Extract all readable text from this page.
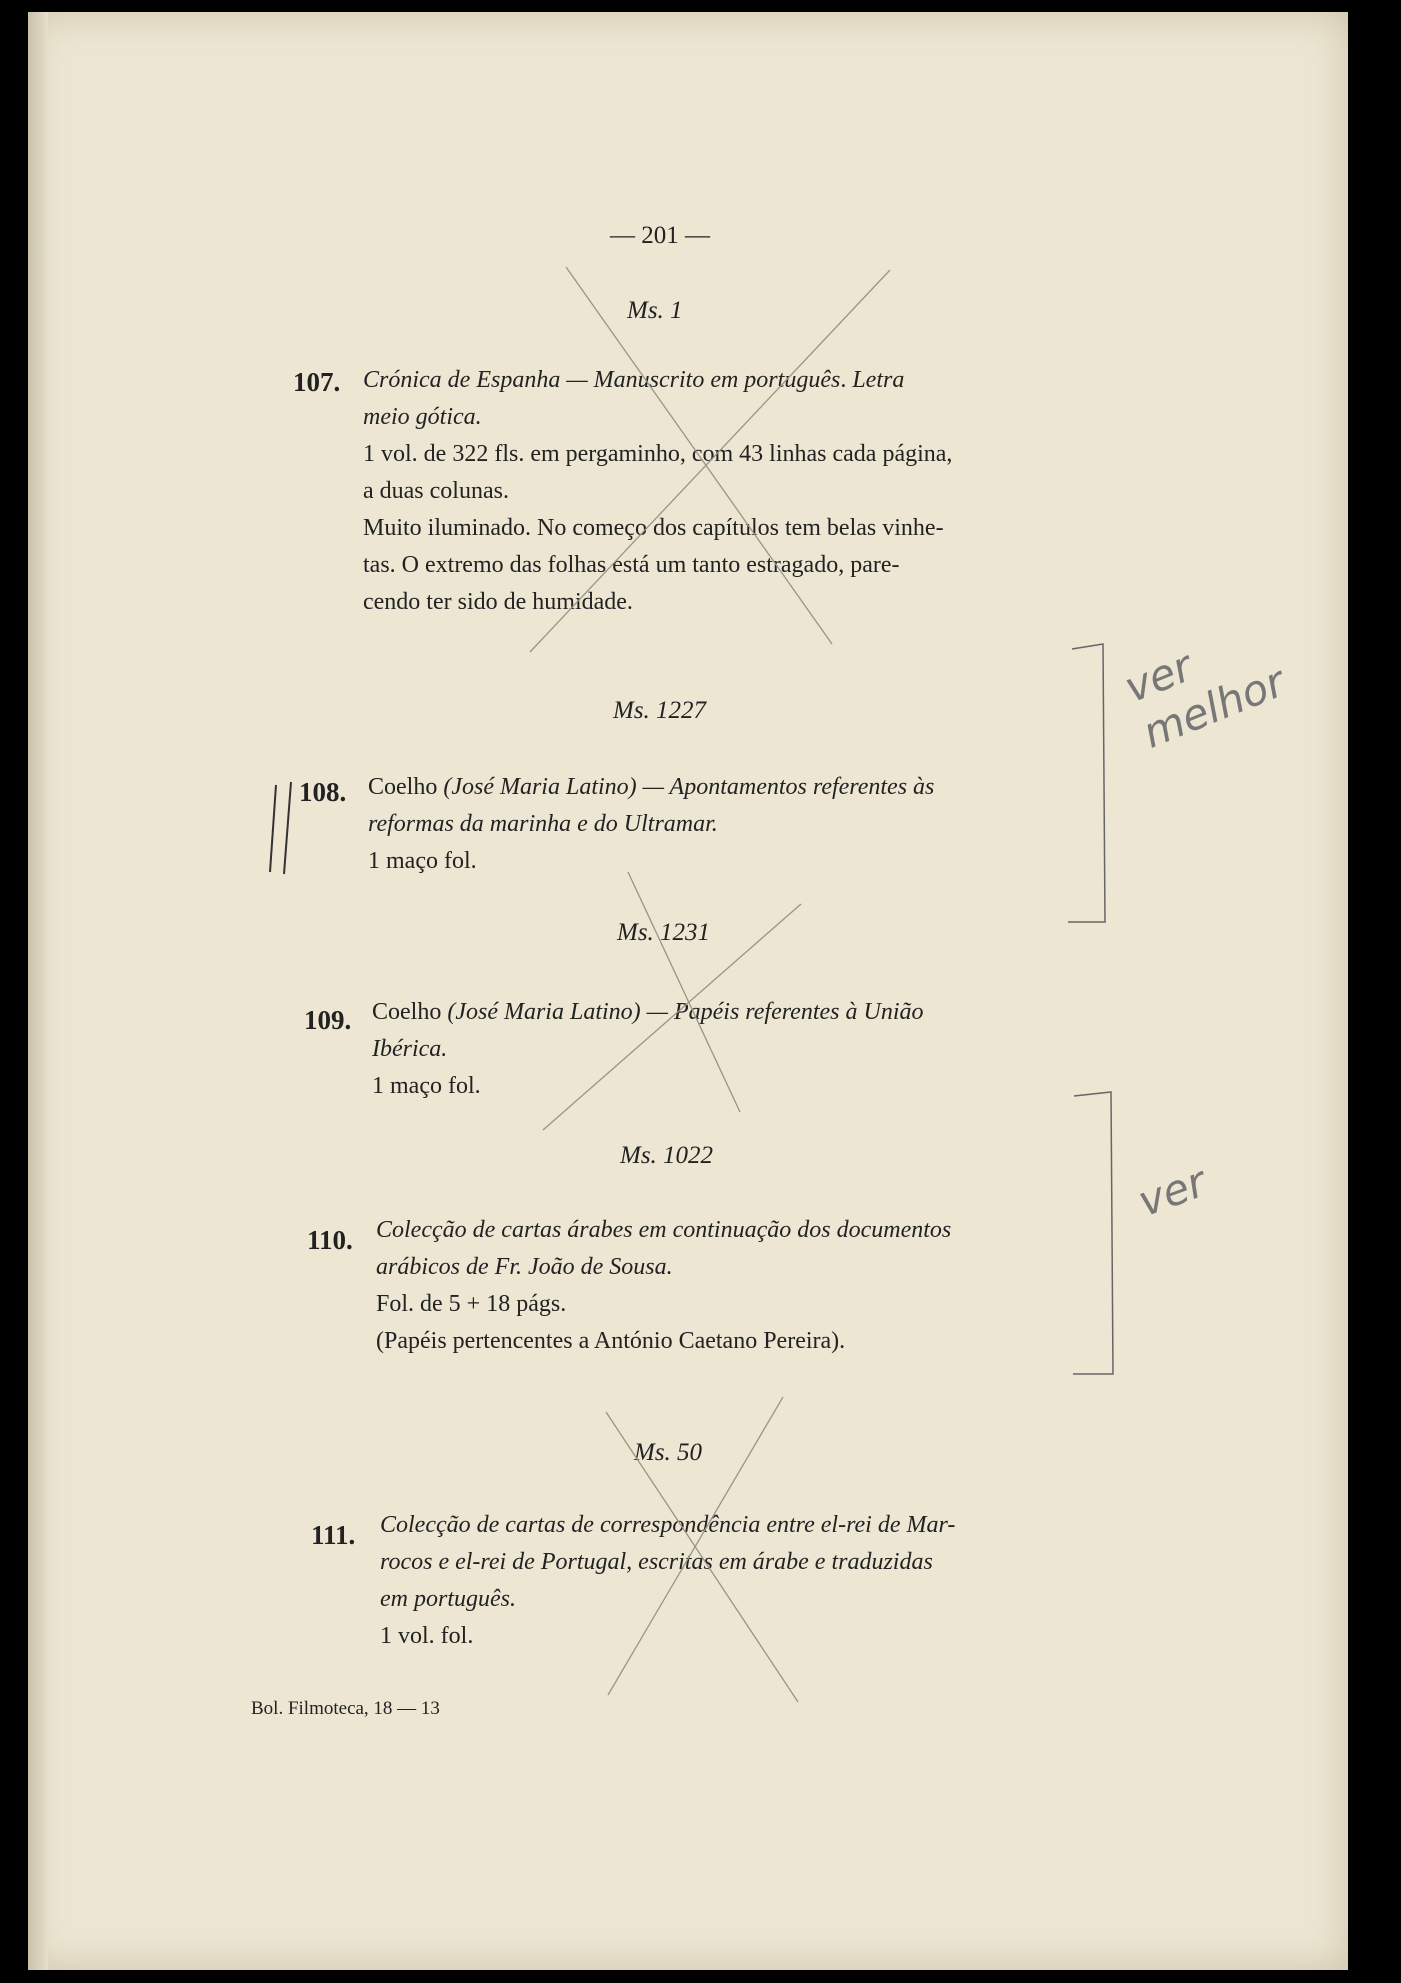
— 201 —
Ms. 1
107. Crónica de Espanha — Manuscrito em português. Letra
meio gótica.
1 vol. de 322 fls. em pergaminho, com 43 linhas cada página,
a duas colunas.
Muito iluminado. No começo dos capítulos tem belas vinhe-
tas. O extremo das folhas está um tanto estragado, pare-
cendo ter sido de humidade.
Ms. 1227
108. Coelho (José Maria Latino) — Apontamentos referentes às
reformas da marinha e do Ultramar.
1 maço fol.
Ms. 1231
109. Coelho (José Maria Latino) — Papéis referentes à União
Ibérica.
1 maço fol.
Ms. 1022
110. Colecção de cartas árabes em continuação dos documentos
arábicos de Fr. João de Sousa.
Fol. de 5 + 18 págs.
(Papéis pertencentes a António Caetano Pereira).
Ms. 50
111. Colecção de cartas de correspondência entre el-rei de Mar-
rocos e el-rei de Portugal, escritas em árabe e traduzidas
em português.
1 vol. fol.
Bol. Filmoteca, 18 — 13
ver melhor
ver
